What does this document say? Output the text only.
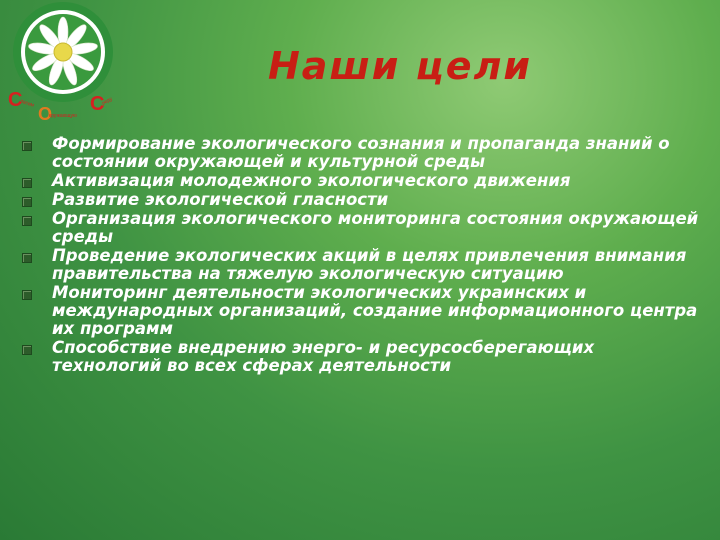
С
пасем
О
кружающую
С
реду
Наши цели
Формирование экологического сознания и пропаганда знаний о состоянии окружающей и культурной среды
Активизация молодежного экологического движения
Развитие экологической гласности
Организация экологического мониторинга состояния окружающей среды
Проведение экологических акций в целях привлечения внимания правительства на тяжелую экологическую ситуацию
Мониторинг деятельности экологических украинских и международных организаций, создание информационного центра их программ
Способствие внедрению энерго- и ресурсосберегающих технологий во всех сферах деятельности
